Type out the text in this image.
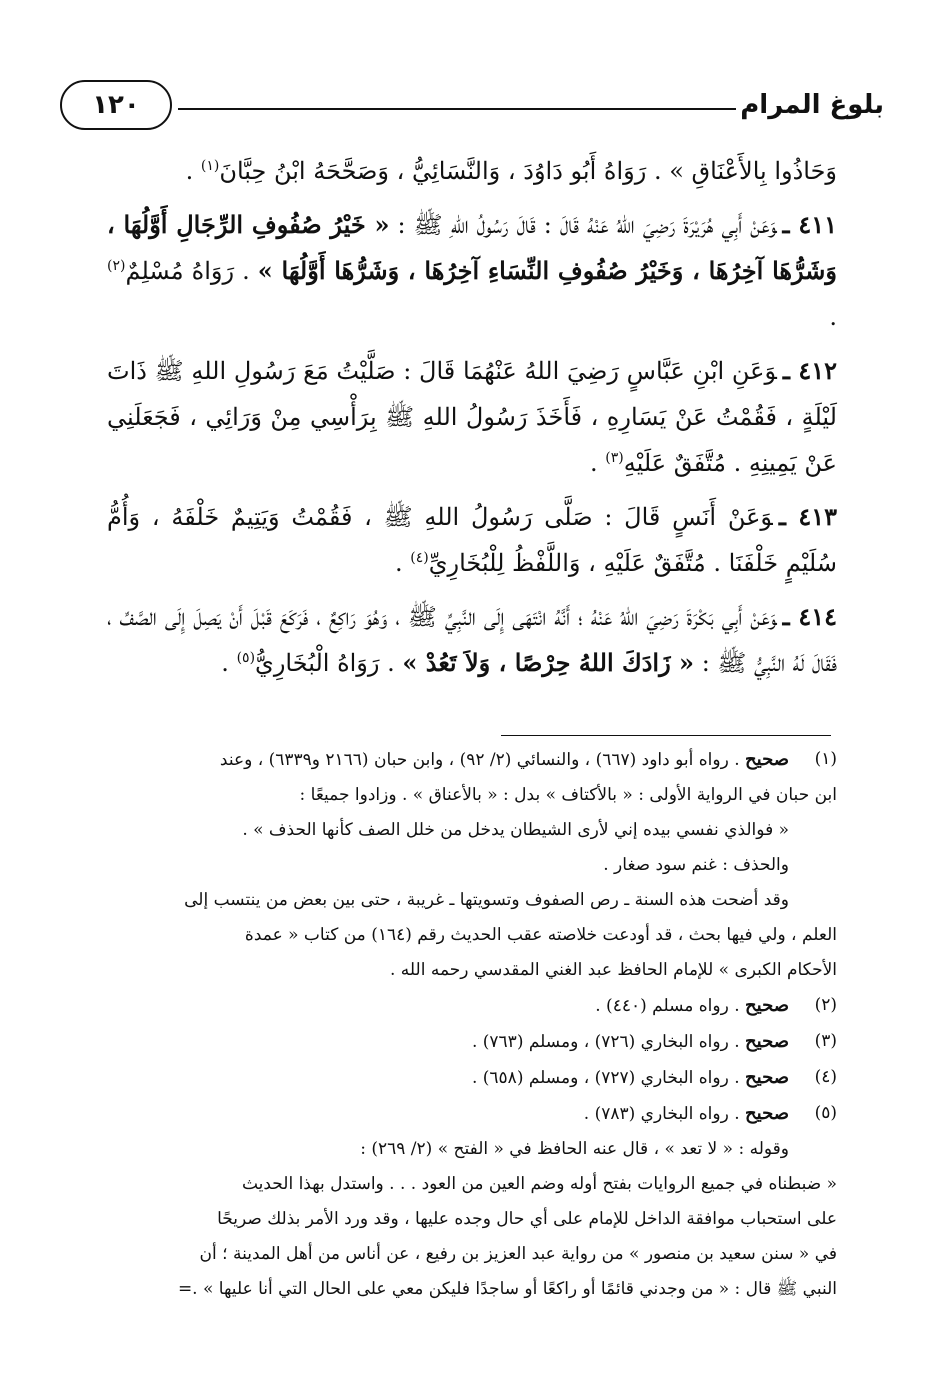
بلوغ المرام
١٢٠

وَحَاذُوا بِالأَعْنَاقِ » . رَوَاهُ أَبُو دَاوُدَ ، وَالنَّسَائِيُّ ، وَصَحَّحَهُ ابْنُ حِبَّانَ$^{(١)}$ .

٤١١ ـوَعَنْ أَبِي هُرَيْرَةَ رَضِيَ اللهُ عَنْهُ قَالَ : قَالَ رَسُولُ اللهِ ﷺ : « خَيْرُ صُفُوفِ الرِّجَالِ أَوَّلُهَا ، وَشَرُّهَا آخِرُهَا ، وَخَيْرُ صُفُوفِ النِّسَاءِ آخِرُهَا ، وَشَرُّهَا أَوَّلُهَا » . رَوَاهُ مُسْلِمٌ$^{(٢)}$ .

٤١٢ ـوَعَنِ ابْنِ عَبَّاسٍ رَضِيَ اللهُ عَنْهُمَا قَالَ : صَلَّيْتُ مَعَ رَسُولِ اللهِ ﷺ ذَاتَ لَيْلَةٍ ، فَقُمْتُ عَنْ يَسَارِهِ ، فَأَخَذَ رَسُولُ اللهِ ﷺ بِرَأْسِي مِنْ وَرَائِي ، فَجَعَلَنِي عَنْ يَمِينِهِ . مُتَّفَقٌ عَلَيْهِ$^{(٣)}$ .

٤١٣ ـوَعَنْ أَنَسٍ قَالَ : صَلَّى رَسُولُ اللهِ ﷺ ، فَقُمْتُ وَيَتِيمٌ خَلْفَهُ ، وَأُمُّ سُلَيْمٍ خَلْفَنَا . مُتَّفَقٌ عَلَيْهِ ، وَاللَّفْظُ لِلْبُخَارِيِّ$^{(٤)}$ .

٤١٤ ـوَعَنْ أَبِي بَكْرَةَ رَضِيَ اللهُ عَنْهُ ؛ أَنَّهُ انْتَهَى إِلَى النَّبِيِّ ﷺ ، وَهُوَ رَاكِعٌ ، فَرَكَعَ قَبْلَ أَنْ يَصِلَ إِلَى الصَّفِّ ، فَقَالَ لَهُ النَّبِيُّ ﷺ : « زَادَكَ اللهُ حِرْصًا ، وَلاَ تَعُدْ » . رَوَاهُ الْبُخَارِيُّ$^{(٥)}$ .

(١)
صحيح . رواه أبو داود (٦٦٧) ، والنسائي (٢/ ٩٢) ، وابن حبان (٢١٦٦ و٦٣٣٩) ، وعند
ابن حبان في الرواية الأولى : « بالأكتاف » بدل : « بالأعناق » . وزادوا جميعًا :
« فوالذي نفسي بيده إني لأرى الشيطان يدخل من خلل الصف كأنها الحذف » .
والحذف : غنم سود صغار .
وقد أضحت هذه السنة ـ رص الصفوف وتسويتها ـ غريبة ، حتى بين بعض من ينتسب إلى
العلم ، ولي فيها بحث ، قد أودعت خلاصته عقب الحديث رقم (١٦٤) من كتاب « عمدة
الأحكام الكبرى » للإمام الحافظ عبد الغني المقدسي رحمه الله .
(٢)
صحيح . رواه مسلم (٤٤٠) .
(٣)
صحيح . رواه البخاري (٧٢٦) ، ومسلم (٧٦٣) .
(٤)
صحيح . رواه البخاري (٧٢٧) ، ومسلم (٦٥٨) .
(٥)
صحيح . رواه البخاري (٧٨٣) .
وقوله : « لا تعد » ، قال عنه الحافظ في « الفتح » (٢/ ٢٦٩) :
« ضبطناه في جميع الروايات بفتح أوله وضم العين من العود . . . واستدل بهذا الحديث
على استحباب موافقة الداخل للإمام على أي حال وجده عليها ، وقد ورد الأمر بذلك صريحًا
في « سنن سعيد بن منصور » من رواية عبد العزيز بن رفيع ، عن أناس من أهل المدينة ؛ أن
النبي ﷺ قال : « من وجدني قائمًا أو راكعًا أو ساجدًا فليكن معي على الحال التي أنا عليها » .=
